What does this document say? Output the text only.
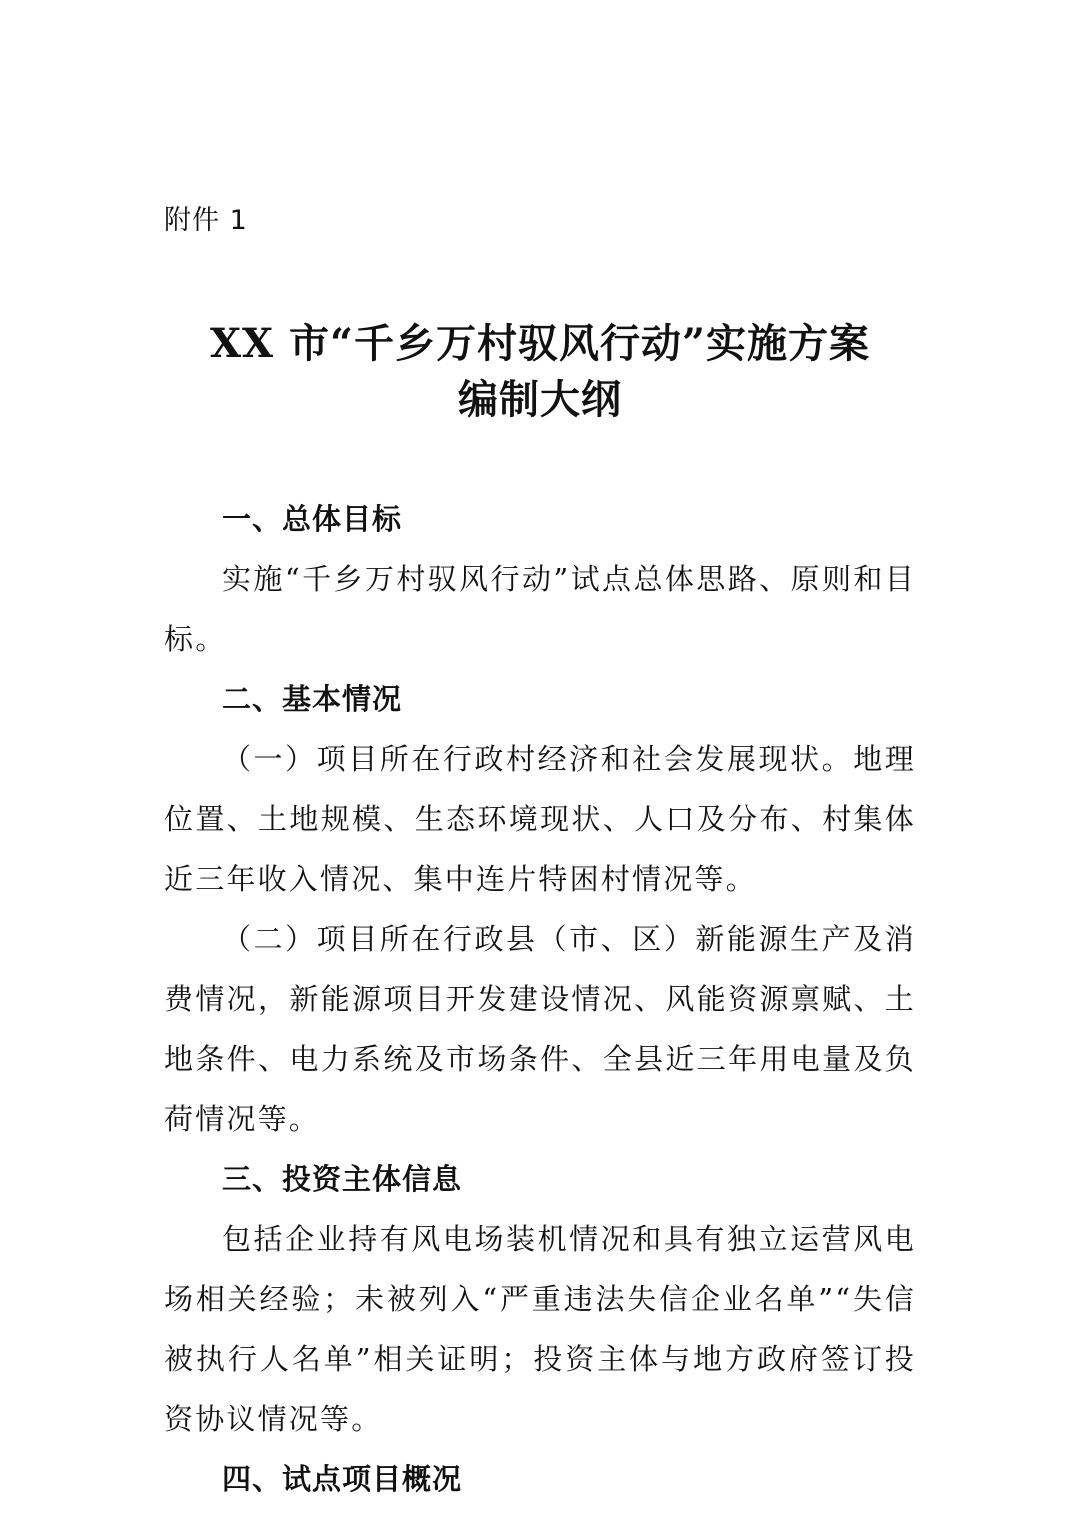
附件 1
XX 市“千乡万村驭风行动”实施方案
编制大纲
一、总体目标
实施“千乡万村驭风行动”试点总体思路、原则和目标。
二、基本情况
（一）项目所在行政村经济和社会发展现状。地理位置、土地规模、生态环境现状、人口及分布、村集体近三年收入情况、集中连片特困村情况等。
（二）项目所在行政县（市、区）新能源生产及消费情况，新能源项目开发建设情况、风能资源禀赋、土地条件、电力系统及市场条件、全县近三年用电量及负荷情况等。
三、投资主体信息
包括企业持有风电场装机情况和具有独立运营风电场相关经验；未被列入“严重违法失信企业名单”“失信被执行人名单”相关证明；投资主体与地方政府签订投资协议情况等。
四、试点项目概况
